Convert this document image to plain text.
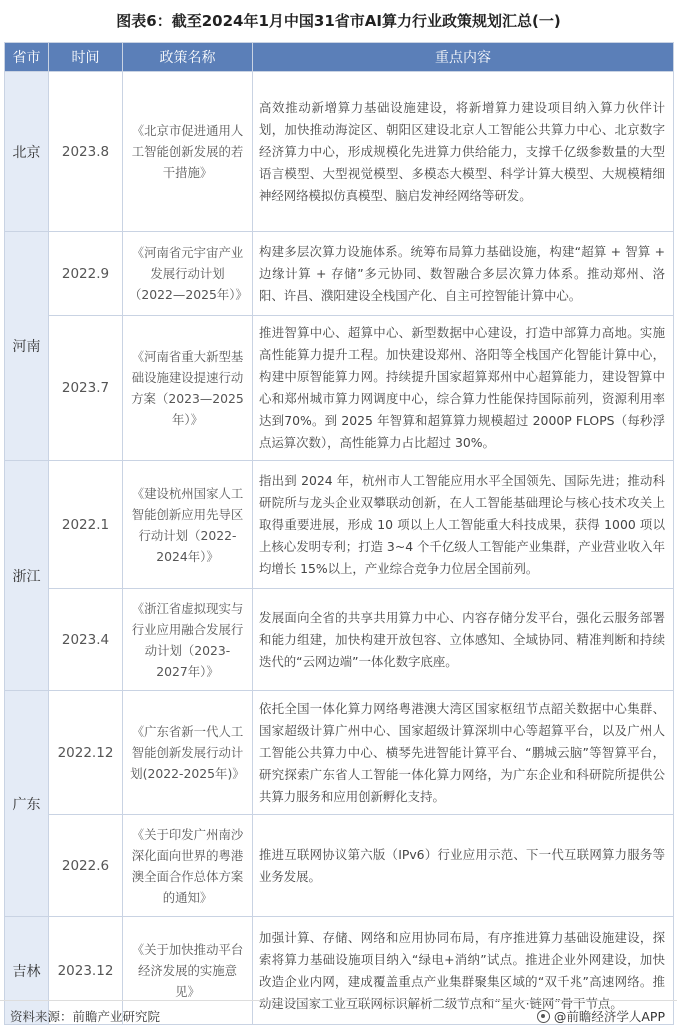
图表6：截至2024年1月中国31省市AI算力行业政策规划汇总(一)
省市	时间	政策名称	重点内容
北京	2023.8	《北京市促进通用人工智能创新发展的若干措施》	高效推动新增算力基础设施建设，将新增算力建设项目纳入算力伙伴计划，加快推动海淀区、朝阳区建设北京人工智能公共算力中心、北京数字经济算力中心，形成规模化先进算力供给能力，支撑千亿级参数量的大型语言模型、大型视觉模型、多模态大模型、科学计算大模型、大规模精细神经网络模拟仿真模型、脑启发神经网络等研发。
河南	2022.9	《河南省元宇宙产业发展行动计划（2022—2025年）》	构建多层次算力设施体系。统筹布局算力基础设施，构建“超算 + 智算 + 边缘计算 + 存储”多元协同、数智融合多层次算力体系。推动郑州、洛阳、许昌、濮阳建设全栈国产化、自主可控智能计算中心。
	2023.7	《河南省重大新型基础设施建设提速行动方案（2023—2025年）》	推进智算中心、超算中心、新型数据中心建设，打造中部算力高地。实施高性能算力提升工程。加快建设郑州、洛阳等全栈国产化智能计算中心，构建中原智能算力网。持续提升国家超算郑州中心超算能力，建设智算中心和郑州城市算力网调度中心，综合算力性能保持国际前列，资源利用率达到70%。到 2025 年智算和超算算力规模超过 2000P FLOPS（每秒浮点运算次数），高性能算力占比超过 30%。
浙江	2022.1	《建设杭州国家人工智能创新应用先导区行动计划（2022-2024年）》	指出到 2024 年，杭州市人工智能应用水平全国领先、国际先进；推动科研院所与龙头企业双攀联动创新，在人工智能基础理论与核心技术攻关上取得重要进展，形成 10 项以上人工智能重大科技成果，获得 1000 项以上核心发明专利；打造 3~4 个千亿级人工智能产业集群，产业营业收入年均增长 15%以上，产业综合竞争力位居全国前列。
	2023.4	《浙江省虚拟现实与行业应用融合发展行动计划（2023-2027年）》	发展面向全省的共享共用算力中心、内容存储分发平台，强化云服务部署和能力组建，加快构建开放包容、立体感知、全域协同、精准判断和持续迭代的“云网边端”一体化数字底座。
广东	2022.12	《广东省新一代人工智能创新发展行动计划(2022-2025年)》	依托全国一体化算力网络粤港澳大湾区国家枢纽节点韶关数据中心集群、国家超级计算广州中心、国家超级计算深圳中心等超算平台，以及广州人工智能公共算力中心、横琴先进智能计算平台、“鹏城云脑”等智算平台，研究探索广东省人工智能一体化算力网络，为广东企业和科研院所提供公共算力服务和应用创新孵化支持。
	2022.6	《关于印发广州南沙深化面向世界的粤港澳全面合作总体方案的通知》	推进互联网协议第六版（IPv6）行业应用示范、下一代互联网算力服务等业务发展。
吉林	2023.12	《关于加快推动平台经济发展的实施意见》	加强计算、存储、网络和应用协同布局，有序推进算力基础设施建设，探索将算力基础设施项目纳入“绿电+消纳”试点。推进企业外网建设，加快改造企业内网，建成覆盖重点产业集群聚集区域的“双千兆”高速网络。推动建设国家工业互联网标识解析二级节点和“星火·链网”骨干节点。
资料来源：前瞻产业研究院	@前瞻经济学人APP
